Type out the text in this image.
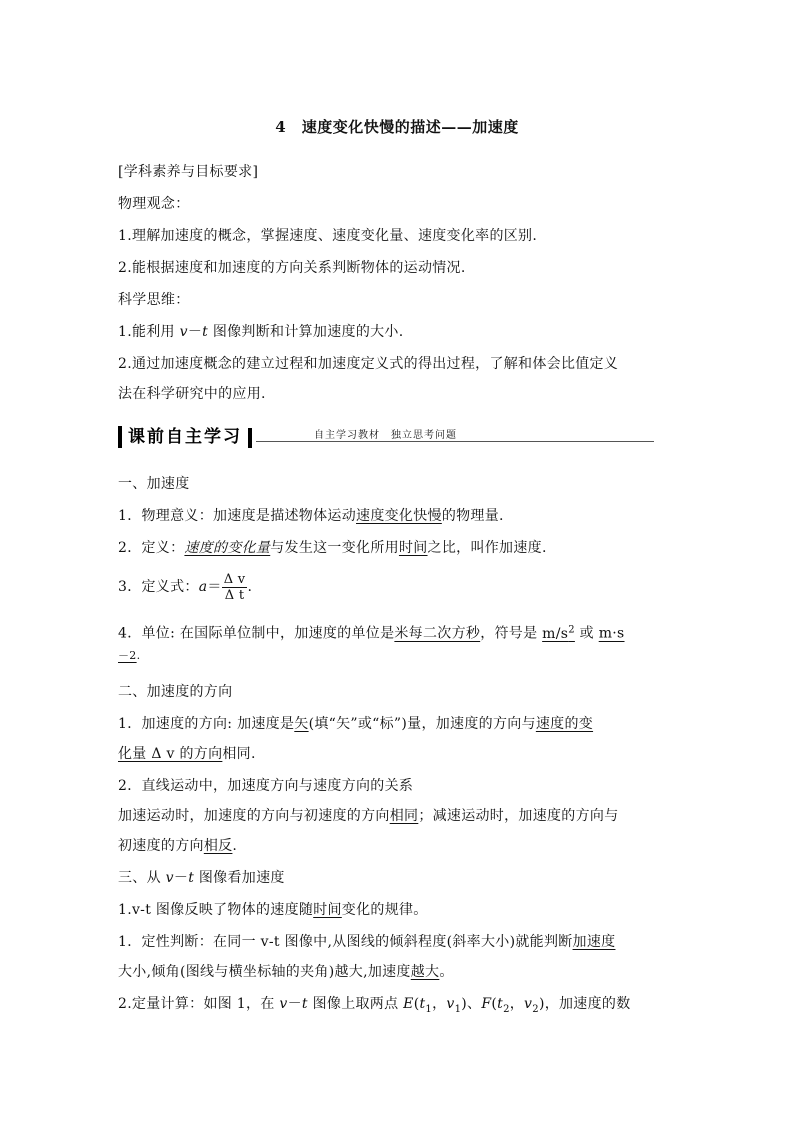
4　速度变化快慢的描述——加速度
[学科素养与目标要求]
物理观念：
1.理解加速度的概念，掌握速度、速度变化量、速度变化率的区别.
2.能根据速度和加速度的方向关系判断物体的运动情况.
科学思维：
1.能利用 v－t 图像判断和计算加速度的大小.
2.通过加速度概念的建立过程和加速度定义式的得出过程，了解和体会比值定义
法在科学研究中的应用.
课前自主学习	自主学习教材　独立思考问题
一、加速度
1．物理意义：加速度是描述物体运动速度变化快慢的物理量.
2．定义：速度的变化量与发生这一变化所用时间之比，叫作加速度.
3．定义式：$a= \frac{\text{Δ v}}{\text{Δ t}}$ .
4．单位: 在国际单位制中，加速度的单位是米每二次方秒，符号是 $m/s^2$ 或 m·s
－2.
二、加速度的方向
1．加速度的方向: 加速度是矢(填“矢”或“标”)量，加速度的方向与速度的变
化量 Δ v 的方向相同.
2．直线运动中，加速度方向与速度方向的关系
加速运动时，加速度的方向与初速度的方向相同；减速运动时，加速度的方向与
初速度的方向相反.
三、从 v－t 图像看加速度
1.v-t 图像反映了物体的速度随时间变化的规律。
1．定性判断：在同一 v-t 图像中,从图线的倾斜程度(斜率大小)就能判断加速度
大小,倾角(图线与横坐标轴的夹角)越大,加速度越大。
2.定量计算：如图 1，在 v－t 图像上取两点 $E(t_1$，$v_1$)、$F(t_2$，$v_2$)，加速度的数
